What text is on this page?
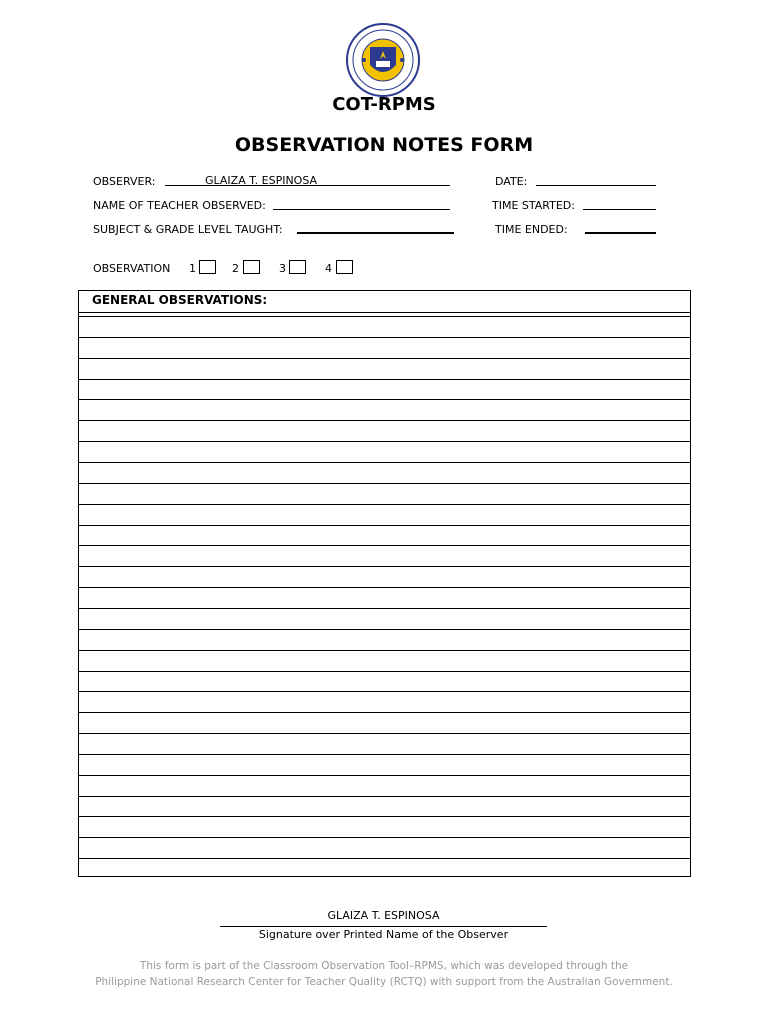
COT-RPMS
OBSERVATION NOTES FORM
OBSERVER:	GLAIZA T. ESPINOSA	DATE:
NAME OF TEACHER OBSERVED:	TIME STARTED:
SUBJECT & GRADE LEVEL TAUGHT:	TIME ENDED:
OBSERVATION 1	2	3	4
GENERAL OBSERVATIONS:
GLAIZA T. ESPINOSA
Signature over Printed Name of the Observer
This form is part of the Classroom Observation Tool–RPMS, which was developed through the
Philippine National Research Center for Teacher Quality (RCTQ) with support from the Australian Government.
